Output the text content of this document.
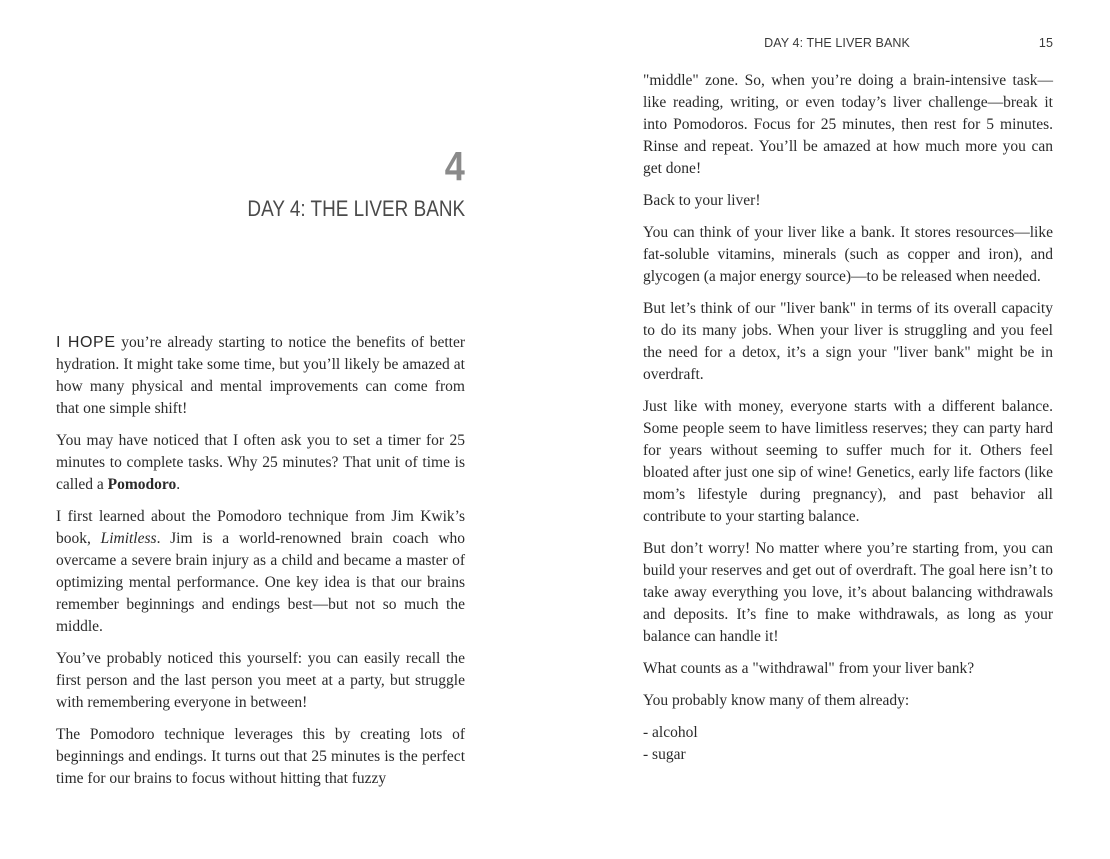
4
DAY 4: THE LIVER BANK

I HOPE you’re already starting to notice the benefits of better hydration. It might take some time, but you’ll likely be amazed at how many physical and mental improvements can come from that one simple shift!

You may have noticed that I often ask you to set a timer for 25 minutes to complete tasks. Why 25 minutes? That unit of time is called a Pomodoro.

I first learned about the Pomodoro technique from Jim Kwik’s book, Limitless. Jim is a world-renowned brain coach who overcame a severe brain injury as a child and became a master of optimizing mental performance. One key idea is that our brains remember beginnings and endings best—but not so much the middle.

You’ve probably noticed this yourself: you can easily recall the first person and the last person you meet at a party, but struggle with remembering everyone in between!

The Pomodoro technique leverages this by creating lots of beginnings and endings. It turns out that 25 minutes is the perfect time for our brains to focus without hitting that fuzzy

DAY 4: THE LIVER BANK	15

"middle" zone. So, when you’re doing a brain-intensive task—like reading, writing, or even today’s liver challenge—break it into Pomodoros. Focus for 25 minutes, then rest for 5 minutes. Rinse and repeat. You’ll be amazed at how much more you can get done!

Back to your liver!

You can think of your liver like a bank. It stores resources—like fat-soluble vitamins, minerals (such as copper and iron), and glycogen (a major energy source)—to be released when needed.

But let’s think of our "liver bank" in terms of its overall capacity to do its many jobs. When your liver is struggling and you feel the need for a detox, it’s a sign your "liver bank" might be in overdraft.

Just like with money, everyone starts with a different balance. Some people seem to have limitless reserves; they can party hard for years without seeming to suffer much for it. Others feel bloated after just one sip of wine! Genetics, early life factors (like mom’s lifestyle during pregnancy), and past behavior all contribute to your starting balance.

But don’t worry! No matter where you’re starting from, you can build your reserves and get out of overdraft. The goal here isn’t to take away everything you love, it’s about balancing withdrawals and deposits. It’s fine to make withdrawals, as long as your balance can handle it!

What counts as a "withdrawal" from your liver bank?

You probably know many of them already:

- alcohol

- sugar
